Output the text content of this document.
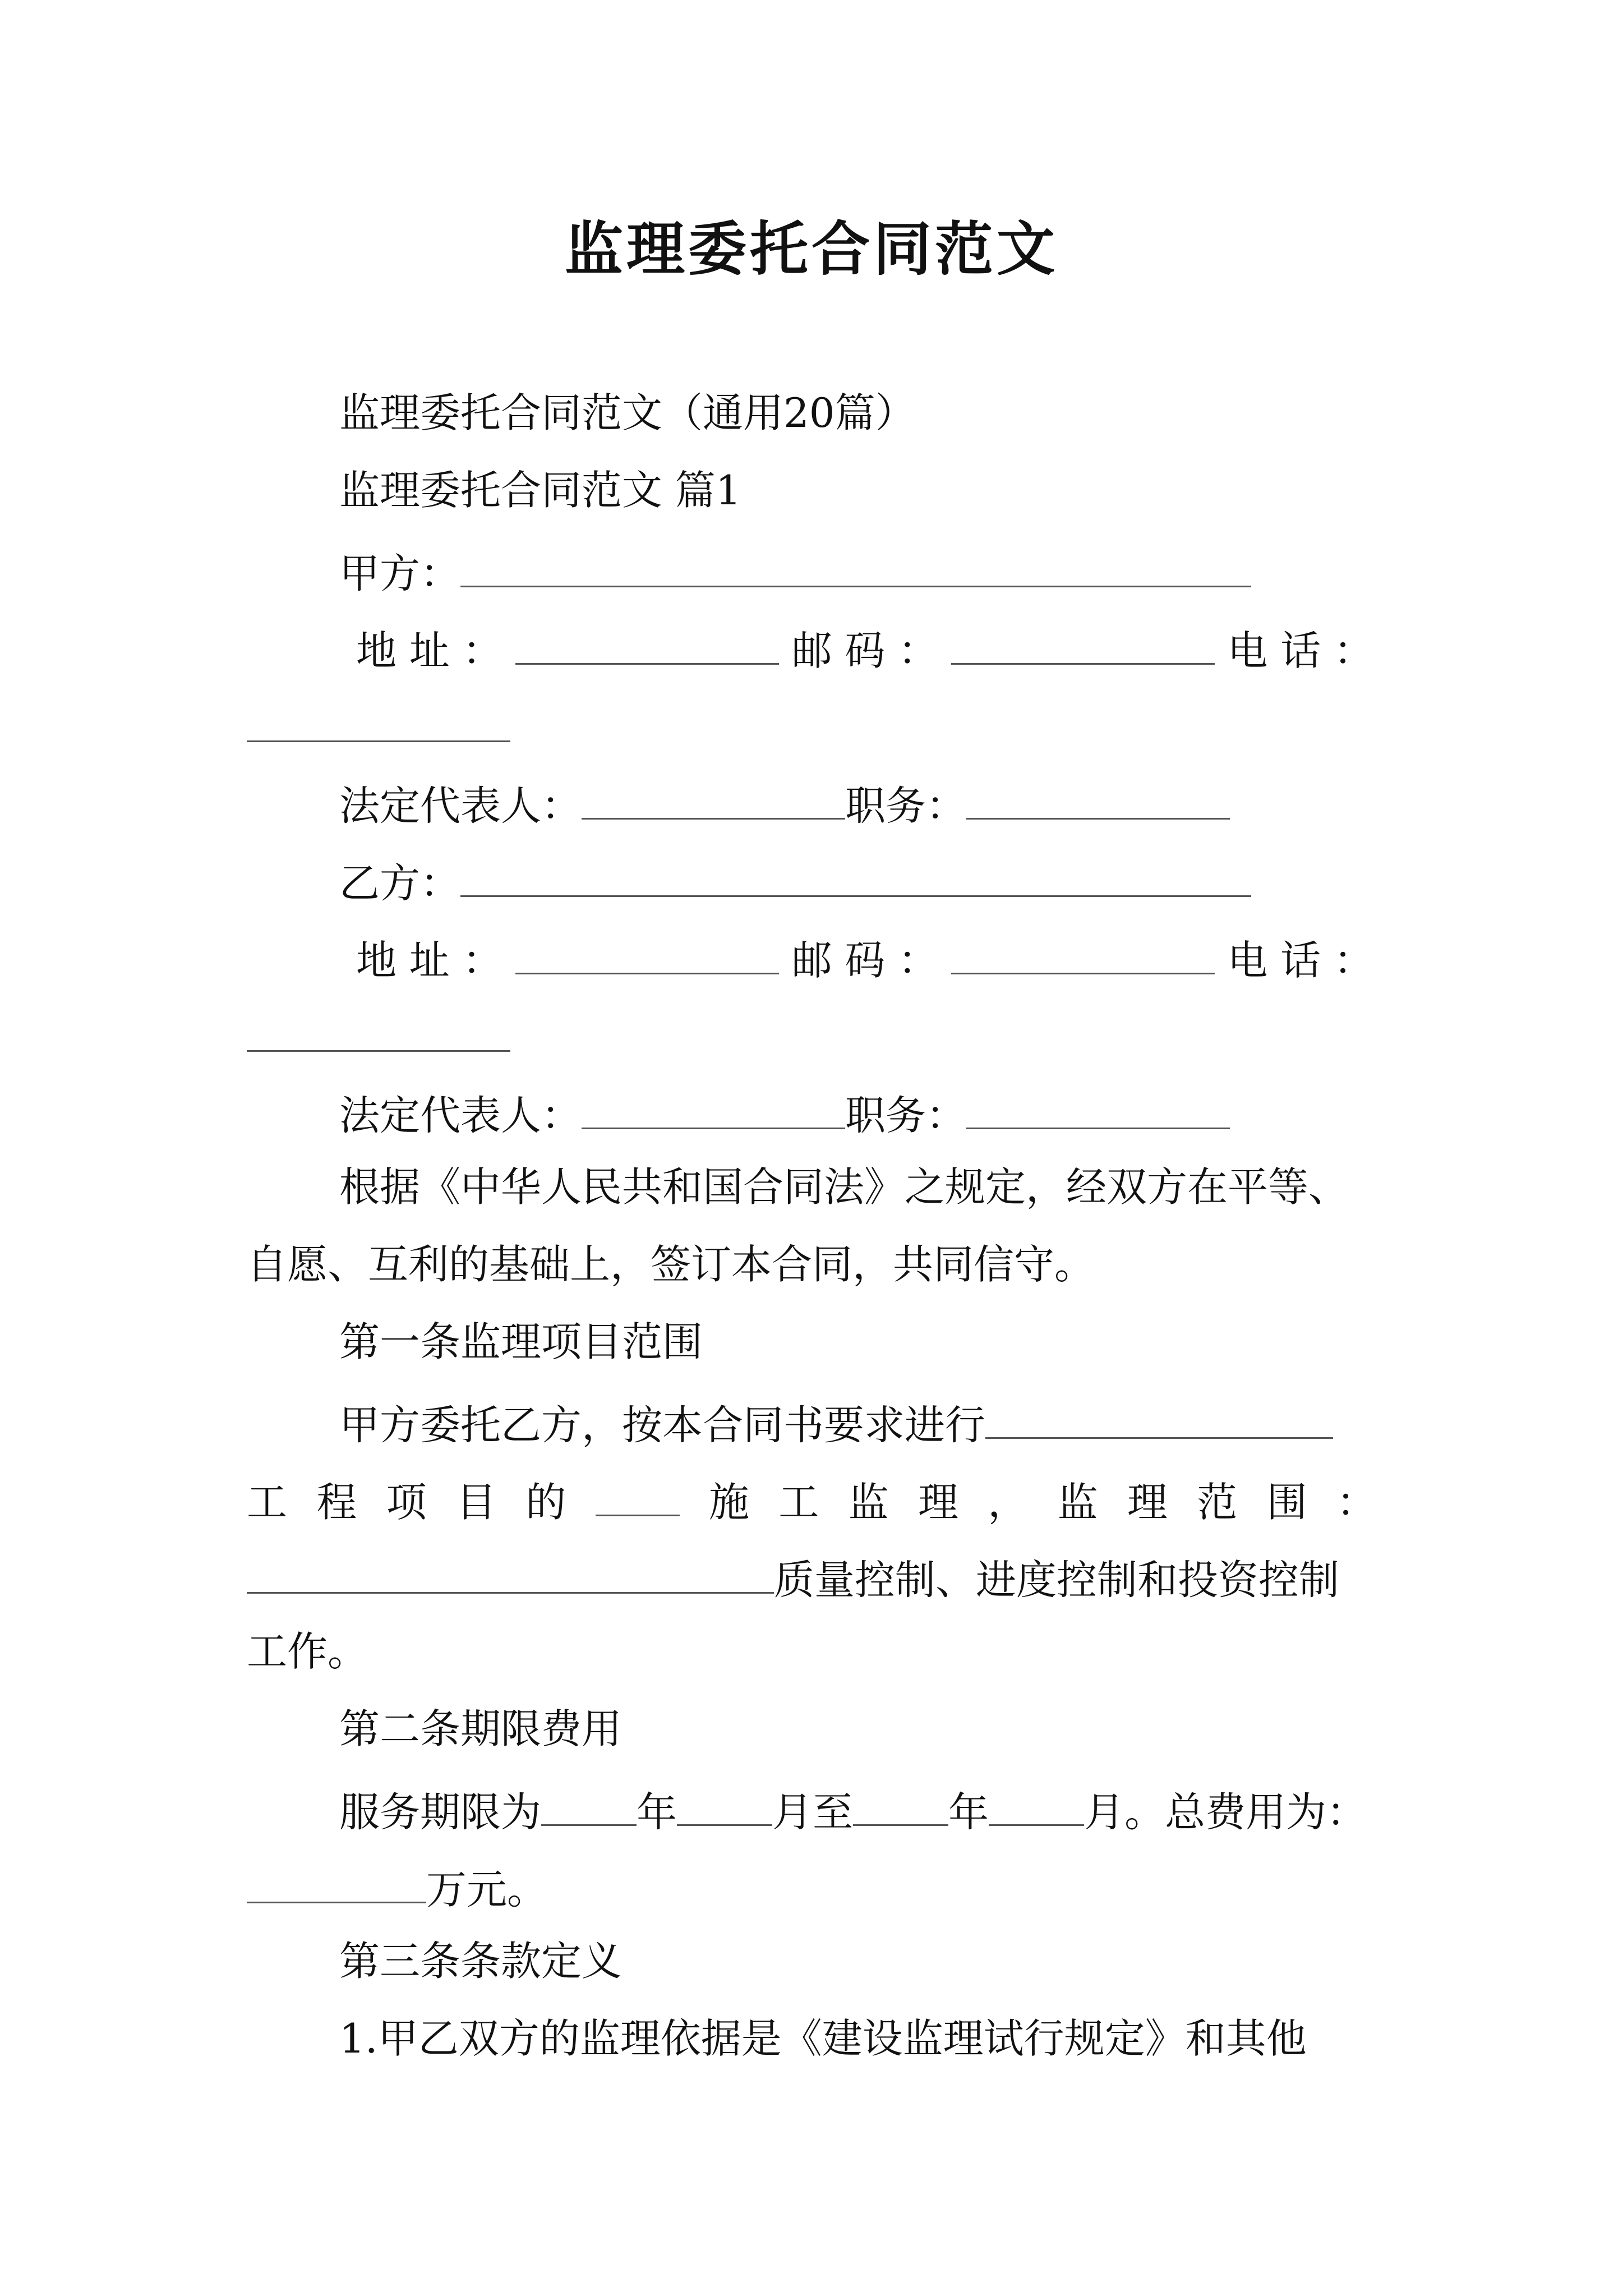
监理委托合同范文
监理委托合同范文（通用20篇）
监理委托合同范文 篇1
甲方：
地 址 ：	邮 码 ：	电 话 ：
法定代表人：	职务：
乙方：
地 址 ：	邮 码 ：	电 话 ：
法定代表人：	职务：
根据《中华人民共和国合同法》之规定，经双方在平等、
自愿、互利的基础上，签订本合同，共同信守。
第一条监理项目范围
甲方委托乙方，按本合同书要求进行
工 程 项 目 的	施 工 监 理 ， 监 理 范 围 ：
质量控制、进度控制和投资控制
工作。
第二条期限费用
服务期限为 年 月至 年 月。总费用为：
万元。
第三条条款定义
1.甲乙双方的监理依据是《建设监理试行规定》和其他
